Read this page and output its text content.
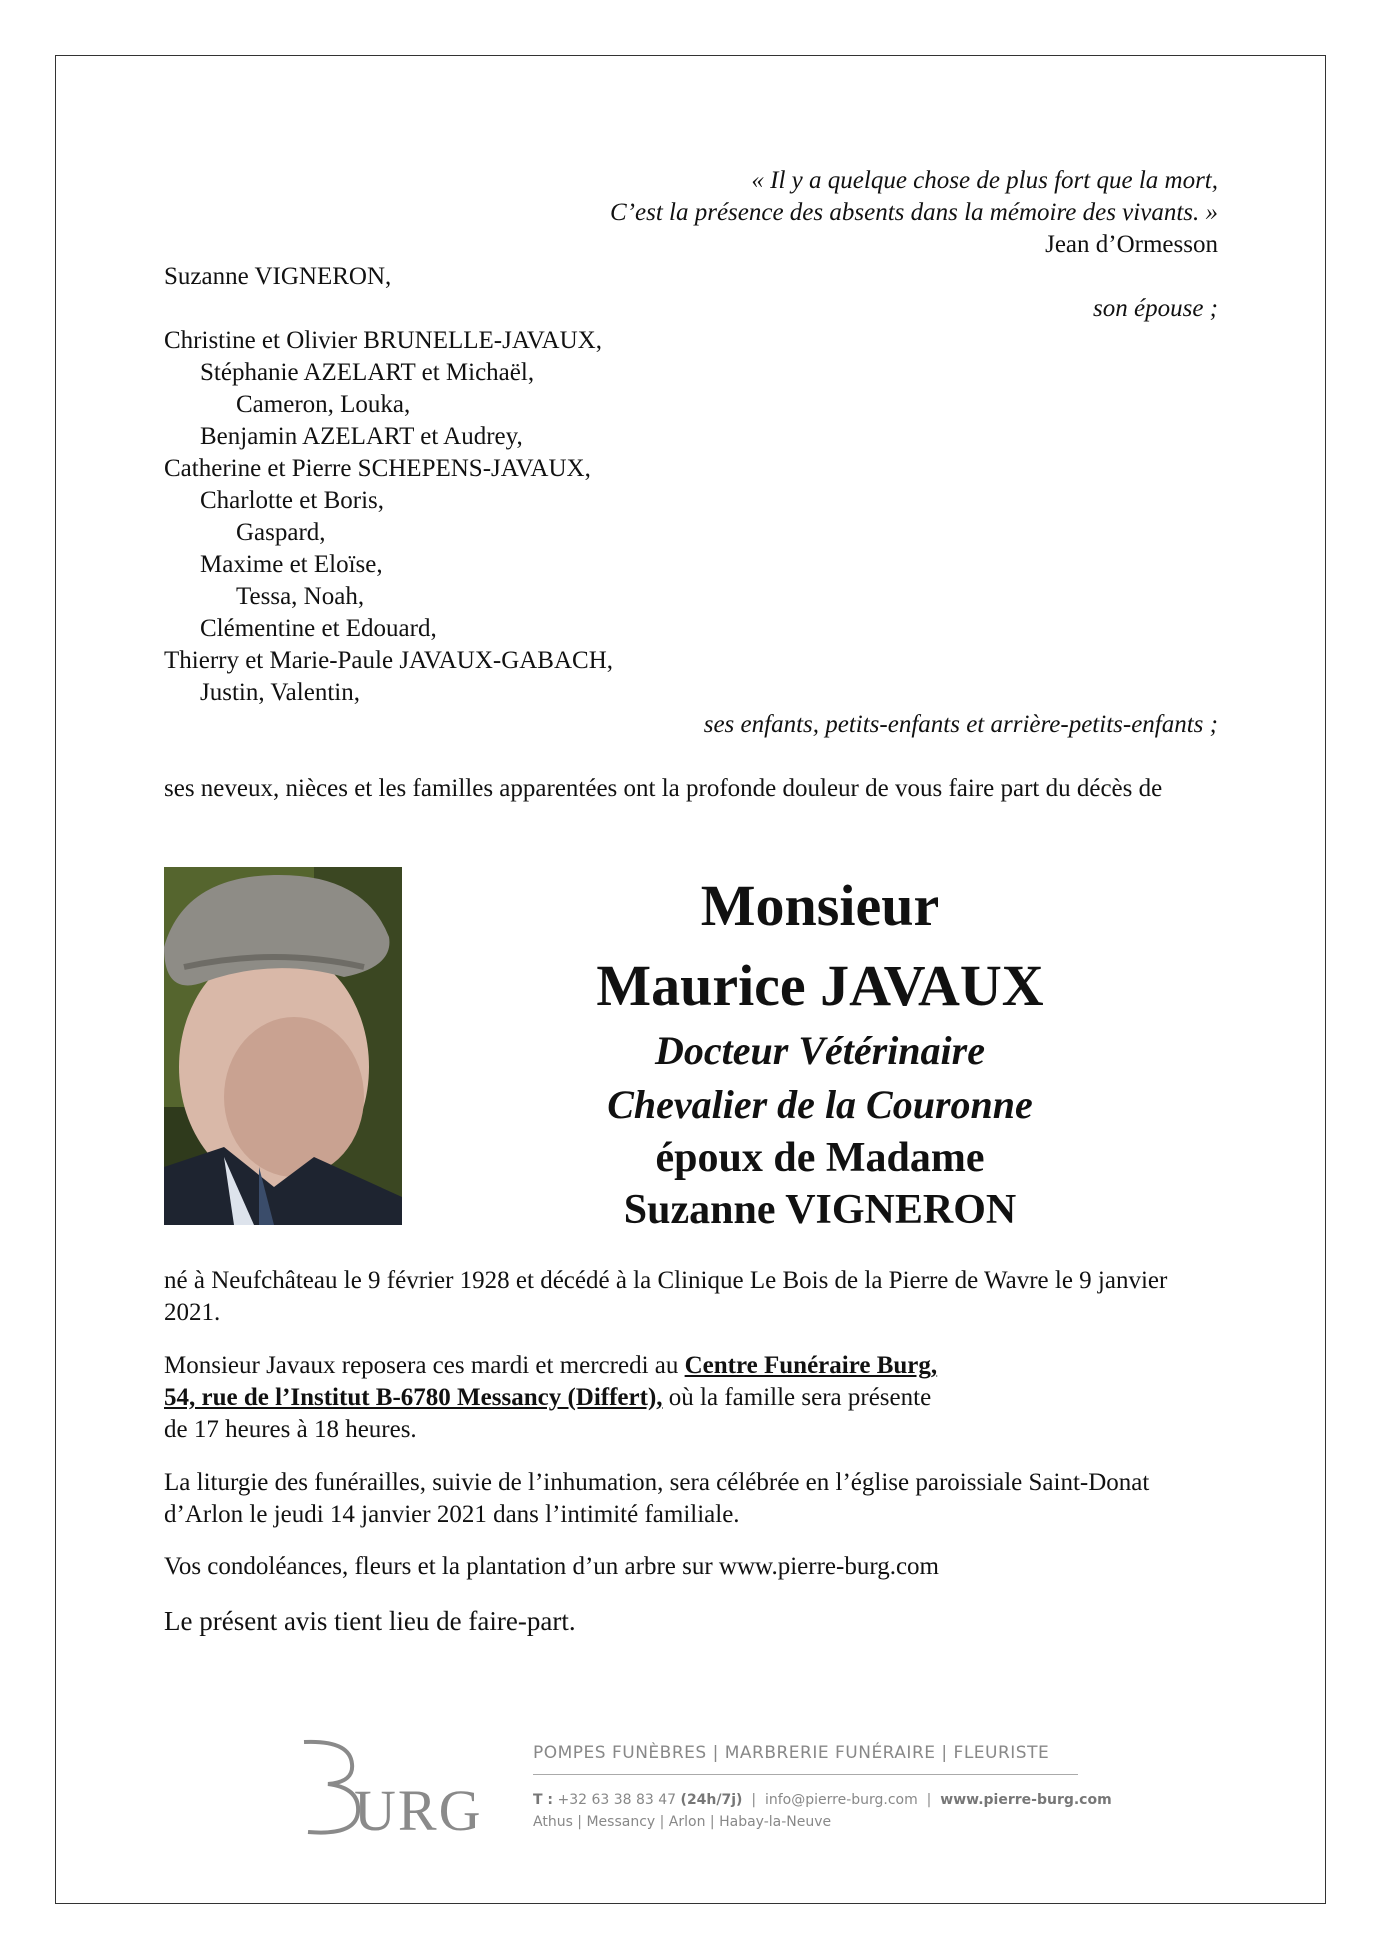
« Il y a quelque chose de plus fort que la mort,
C’est la présence des absents dans la mémoire des vivants. »
Jean d’Ormesson
Suzanne VIGNERON,
son épouse ;
Christine et Olivier BRUNELLE-JAVAUX,
Stéphanie AZELART et Michaël,
Cameron, Louka,
Benjamin AZELART et Audrey,
Catherine et Pierre SCHEPENS-JAVAUX,
Charlotte et Boris,
Gaspard,
Maxime et Eloïse,
Tessa, Noah,
Clémentine et Edouard,
Thierry et Marie-Paule JAVAUX-GABACH,
Justin, Valentin,
ses enfants, petits-enfants et arrière-petits-enfants ;
ses neveux, nièces et les familles apparentées ont la profonde douleur de vous faire part du décès de
Monsieur
Maurice JAVAUX
Docteur Vétérinaire
Chevalier de la Couronne
époux de Madame
Suzanne VIGNERON
né à Neufchâteau le 9 février 1928 et décédé à la Clinique Le Bois de la Pierre de Wavre le 9 janvier 2021.
Monsieur Javaux reposera ces mardi et mercredi au Centre Funéraire Burg,
54, rue de l’Institut B-6780 Messancy (Differt), où la famille sera présente
de 17 heures à 18 heures.
La liturgie des funérailles, suivie de l’inhumation, sera célébrée en l’église paroissiale Saint-Donat d’Arlon le jeudi 14 janvier 2021 dans l’intimité familiale.
Vos condoléances, fleurs et la plantation d’un arbre sur www.pierre-burg.com
Le présent avis tient lieu de faire-part.
URG
POMPES FUNÈBRES | MARBRERIE FUNÉRAIRE | FLEURISTE
T : +32 63 38 83 47 (24h/7j)  |  info@pierre-burg.com  |  www.pierre-burg.com
Athus | Messancy | Arlon | Habay-la-Neuve
